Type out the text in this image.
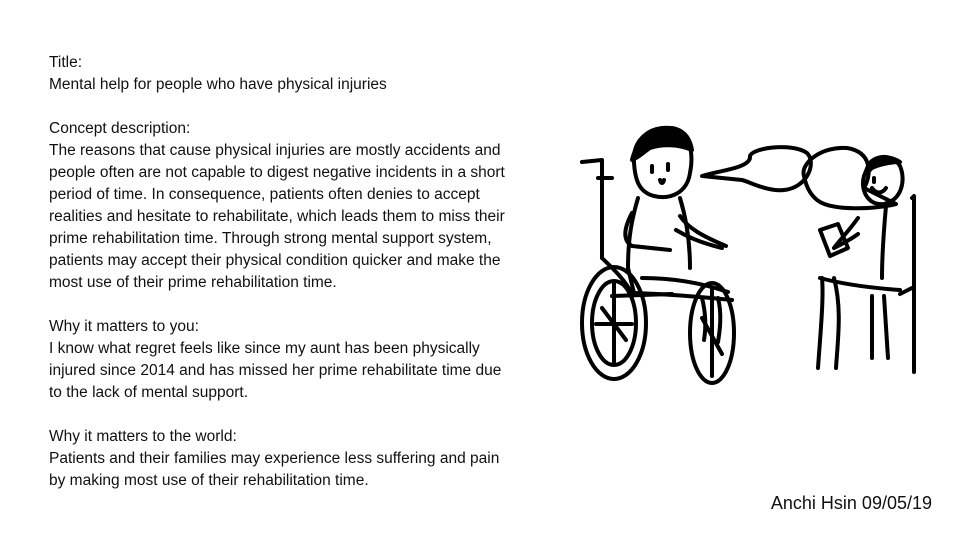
Title:

Mental help for people who have physical injuries

Concept description:

The reasons that cause physical injuries are mostly accidents and

people often are not capable to digest negative incidents in a short

period of time. In consequence, patients often denies to accept

realities and hesitate to rehabilitate, which leads them to miss their

prime rehabilitation time. Through strong mental support system,

patients may accept their physical condition quicker and make the

most use of their prime rehabilitation time.

Why it matters to you:

I know what regret feels like since my aunt has been physically

injured since 2014 and has missed her prime rehabilitate time due

to the lack of mental support.

Why it matters to the world:

Patients and their families may experience less suffering and pain

by making most use of their rehabilitation time.

Anchi Hsin 09/05/19
